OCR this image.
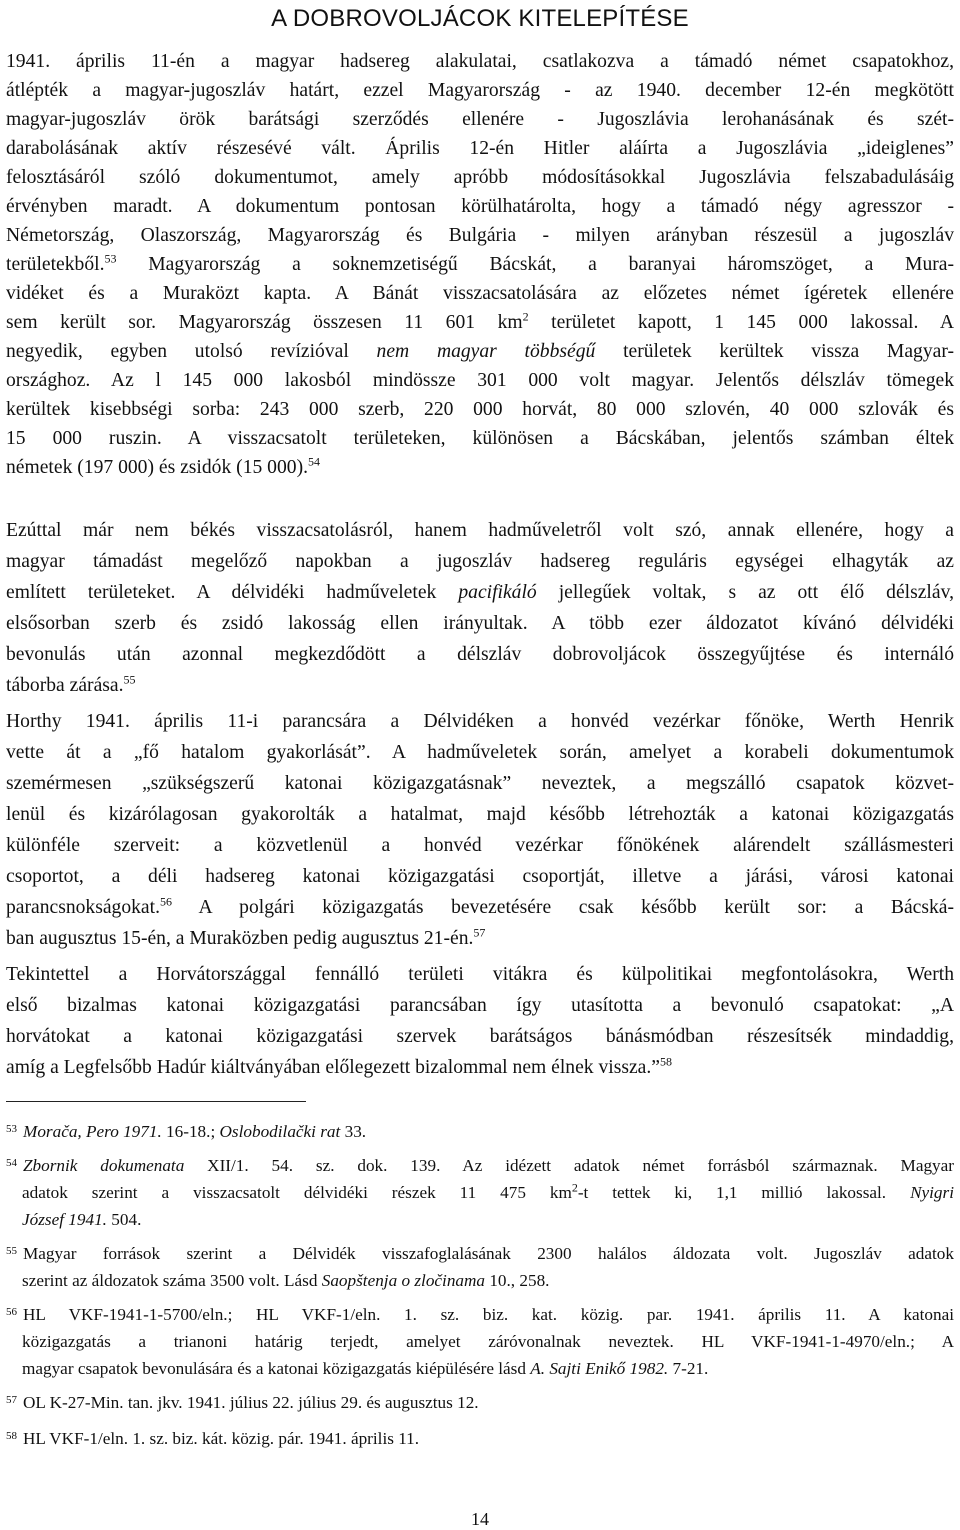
A DOBROVOLJÁCOK KITELEPÍTÉSE
1941. április 11-én a magyar hadsereg alakulatai, csatlakozva a támadó német csapatokhoz,
átlépték a magyar-jugoszláv határt, ezzel Magyarország - az 1940. december 12-én megkötött
magyar-jugoszláv örök barátsági szerződés ellenére - Jugoszlávia lerohanásának és szét-
darabolásának aktív részesévé vált. Április 12-én Hitler aláírta a Jugoszlávia „ideiglenes”
felosztásáról szóló dokumentumot, amely apróbb módosításokkal Jugoszlávia felszabadulásáig
érvényben maradt. A dokumentum pontosan körülhatárolta, hogy a támadó négy agresszor -
Németország, Olaszország, Magyarország és Bulgária - milyen arányban részesül a jugoszláv
területekből.$^{53}$ Magyarország a soknemzetiségű Bácskát, a baranyai háromszöget, a Mura-
vidéket és a Muraközt kapta. A Bánát visszacsatolására az előzetes német ígéretek ellenére
sem került sor. Magyarország összesen 11 601 $km^2$ területet kapott, 1 145 000 lakossal. A
negyedik, egyben utolsó revízióval nem magyar többségű területek kerültek vissza Magyar-
országhoz. Az l 145 000 lakosból mindössze 301 000 volt magyar. Jelentős délszláv tömegek
kerültek kisebbségi sorba: 243 000 szerb, 220 000 horvát, 80 000 szlovén, 40 000 szlovák és
15 000 ruszin. A visszacsatolt területeken, különösen a Bácskában, jelentős számban éltek
németek (197 000) és zsidók (15 000).$^{54}$
Ezúttal már nem békés visszacsatolásról, hanem hadműveletről volt szó, annak ellenére, hogy a
magyar támadást megelőző napokban a jugoszláv hadsereg reguláris egységei elhagyták az
említett területeket. A délvidéki hadműveletek pacifikáló jellegűek voltak, s az ott élő délszláv,
elsősorban szerb és zsidó lakosság ellen irányultak. A több ezer áldozatot kívánó délvidéki
bevonulás után azonnal megkezdődött a délszláv dobrovoljácok összegyűjtése és internáló
táborba zárása.$^{55}$
Horthy 1941. április 11-i parancsára a Délvidéken a honvéd vezérkar főnöke, Werth Henrik
vette át a „fő hatalom gyakorlását”. A hadműveletek során, amelyet a korabeli dokumentumok
szemérmesen „szükségszerű katonai közigazgatásnak” neveztek, a megszálló csapatok közvet-
lenül és kizárólagosan gyakorolták a hatalmat, majd később létrehozták a katonai közigazgatás
különféle szerveit: a közvetlenül a honvéd vezérkar főnökének alárendelt szállásmesteri
csoportot, a déli hadsereg katonai közigazgatási csoportját, illetve a járási, városi katonai
parancsnokságokat.$^{56}$ A polgári közigazgatás bevezetésére csak később került sor: a Bácská-
ban augusztus 15-én, a Muraközben pedig augusztus 21-én.$^{57}$
Tekintettel a Horvátországgal fennálló területi vitákra és külpolitikai megfontolásokra, Werth
első bizalmas katonai közigazgatási parancsában így utasította a bevonuló csapatokat: „A
horvátokat a katonai közigazgatási szervek barátságos bánásmódban részesítsék mindaddig,
amíg a Legfelsőbb Hadúr kiáltványában előlegezett bizalommal nem élnek vissza.”$^{58}$
$^{53}$ Morača, Pero 1971. 16-18.; Oslobodilački rat 33.
$^{54}$ Zbornik dokumenata XII/1. 54. sz. dok. 139. Az idézett adatok német forrásból származnak. Magyar
adatok szerint a visszacsatolt délvidéki részek 11 475 $km^2-t$ tettek ki, 1,1 millió lakossal. Nyigri
József 1941. 504.
$^{55}$ Magyar források szerint a Délvidék visszafoglalásának 2300 halálos áldozata volt. Jugoszláv adatok
szerint az áldozatok száma 3500 volt. Lásd Saopštenja o zločinama 10., 258.
$^{56}$ HL VKF-1941-1-5700/eln.; HL VKF-1/eln. 1. sz. biz. kat. közig. par. 1941. április 11. A katonai
közigazgatás a trianoni határig terjedt, amelyet záróvonalnak neveztek. HL VKF-1941-1-4970/eln.; A
magyar csapatok bevonulására és a katonai közigazgatás kiépülésére lásd A. Sajti Enikő 1982. 7-21.
$^{57}$ OL K-27-Min. tan. jkv. 1941. július 22. július 29. és augusztus 12.
$^{58}$ HL VKF-1/eln. 1. sz. biz. kát. közig. pár. 1941. április 11.
14
